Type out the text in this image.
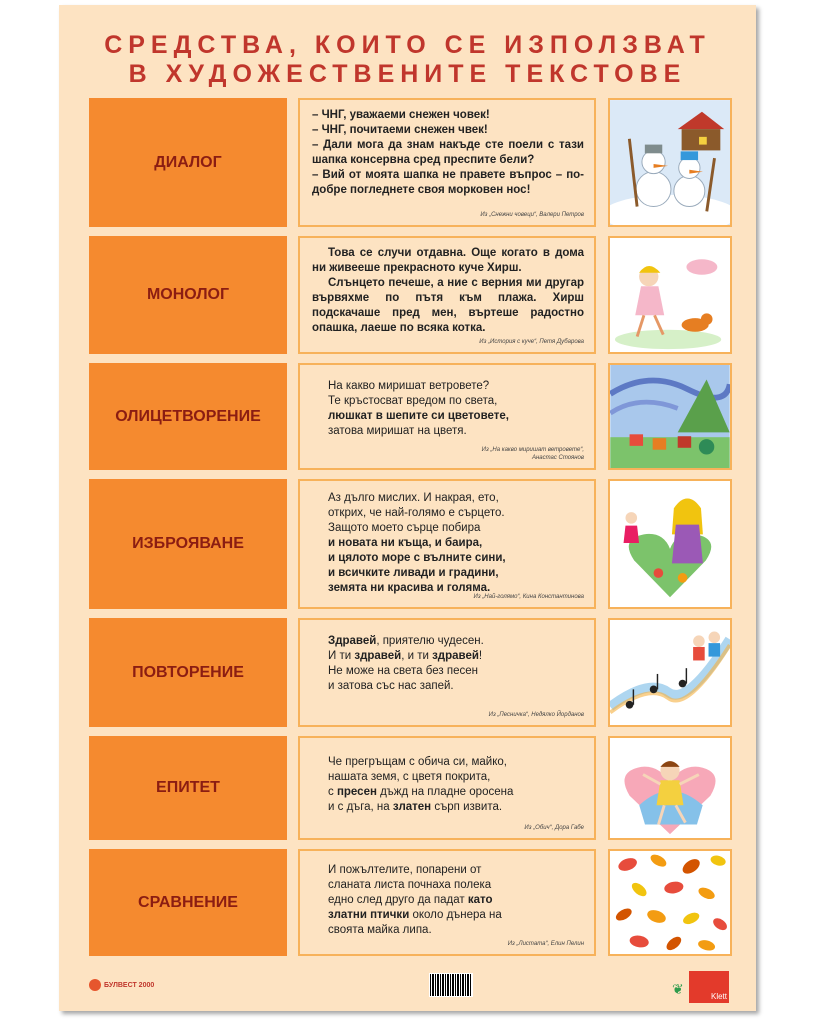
СРЕДСТВА, КОИТО СЕ ИЗПОЛЗВАТ
В ХУДОЖЕСТВЕНИТЕ ТЕКСТОВЕ
ДИАЛОГ
– ЧНГ, уважаеми снежен човек!
– ЧНГ, почитаеми снежен чвек!
– Дали мога да знам накъде сте поели с тази шапка консервна сред преспите бели?
– Вий от моята шапка не правете въпрос – по-добре погледнете своя морковен нос!
Из „Снежни човеци“, Валери Петров
МОНОЛОГ
Това се случи отдавна. Още когато в дома ни живееше прекрасното куче Хирш.
Слънцето печеше, а ние с верния ми другар вървяхме по пътя към плажа. Хирш подскачаше пред мен, въртеше радостно опашка, лаеше по всяка котка.
Из „История с куче“, Петя Дубарова
ОЛИЦЕТВОРЕНИЕ
На какво миришат ветровете?
Те кръстосват вредом по света,
люшкат в шепите си цветовете,
затова миришат на цветя.
Из „На какво миришат ветровете“,
Анастас Стоянов
ИЗБРОЯВАНЕ
Аз дълго мислих. И накрая, ето,
открих, че най-голямо е сърцето.
Защото моето сърце побира
и новата ни къща, и баира,
и цялото море с вълните сини,
и всичките ливади и градини,
земята ни красива и голяма.
Из „Най-голямо“, Кина Константинова
ПОВТОРЕНИЕ
Здравей, приятелю чудесен.
И ти здравей, и ти здравей!
Не може на света без песен
и затова със нас запей.
Из „Песничка“, Недялко Йорданов
ЕПИТЕТ
Че прегръщам с обича си, майко,
нашата земя, с цветя покрита,
с пресен дъжд на пладне оросена
и с дъга, на златен сърп извита.
Из „Обич“, Дора Габе
СРАВНЕНИЕ
И пожълтелите, попарени от
сланата листа почнаха полека
едно след друго да падат като
златни птички около дънера на
своята майка липа.
Из „Листата“, Елин Пелин
БУЛВЕСТ 2000	❦	Klett
